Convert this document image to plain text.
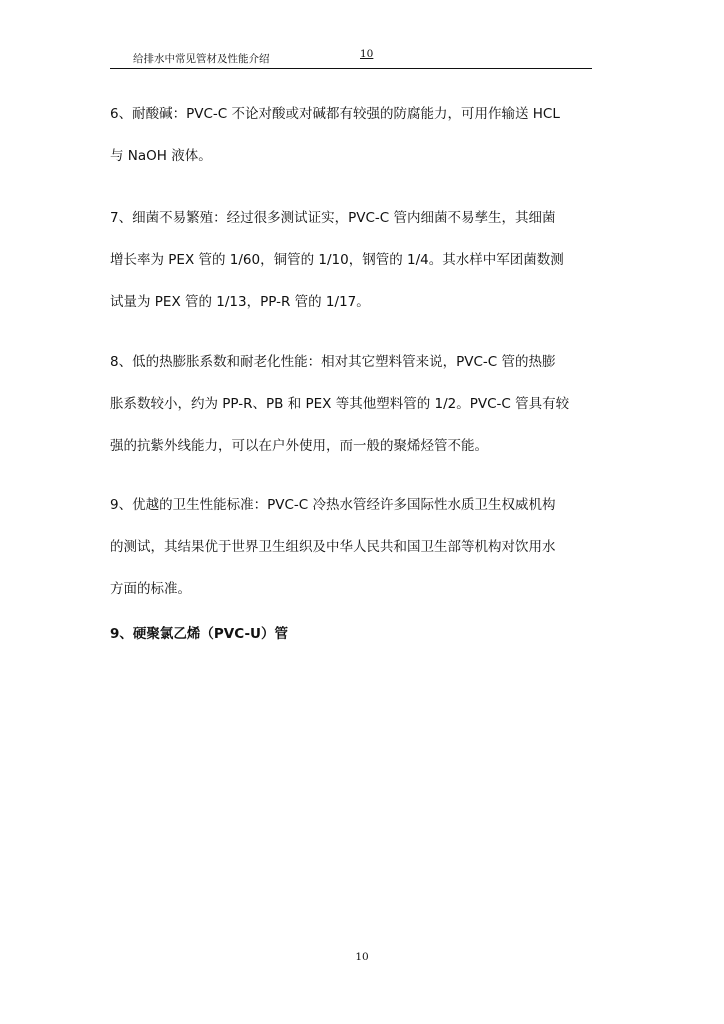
给排水中常见管材及性能介绍	10
6、耐酸碱：PVC-C 不论对酸或对碱都有较强的防腐能力，可用作输送 HCL
与 NaOH 液体。
7、细菌不易繁殖：经过很多测试证实，PVC-C 管内细菌不易孳生，其细菌
增长率为 PEX 管的 1/60，铜管的 1/10，钢管的 1/4。其水样中军团菌数测
试量为 PEX 管的 1/13，PP-R 管的 1/17。
8、低的热膨胀系数和耐老化性能：相对其它塑料管来说，PVC-C 管的热膨
胀系数较小，约为 PP-R、PB 和 PEX 等其他塑料管的 1/2。PVC-C 管具有较
强的抗紫外线能力，可以在户外使用，而一般的聚烯烃管不能。
9、优越的卫生性能标准：PVC-C 冷热水管经许多国际性水质卫生权威机构
的测试，其结果优于世界卫生组织及中华人民共和国卫生部等机构对饮用水
方面的标准。
9、硬聚氯乙烯（PVC-U）管
10
